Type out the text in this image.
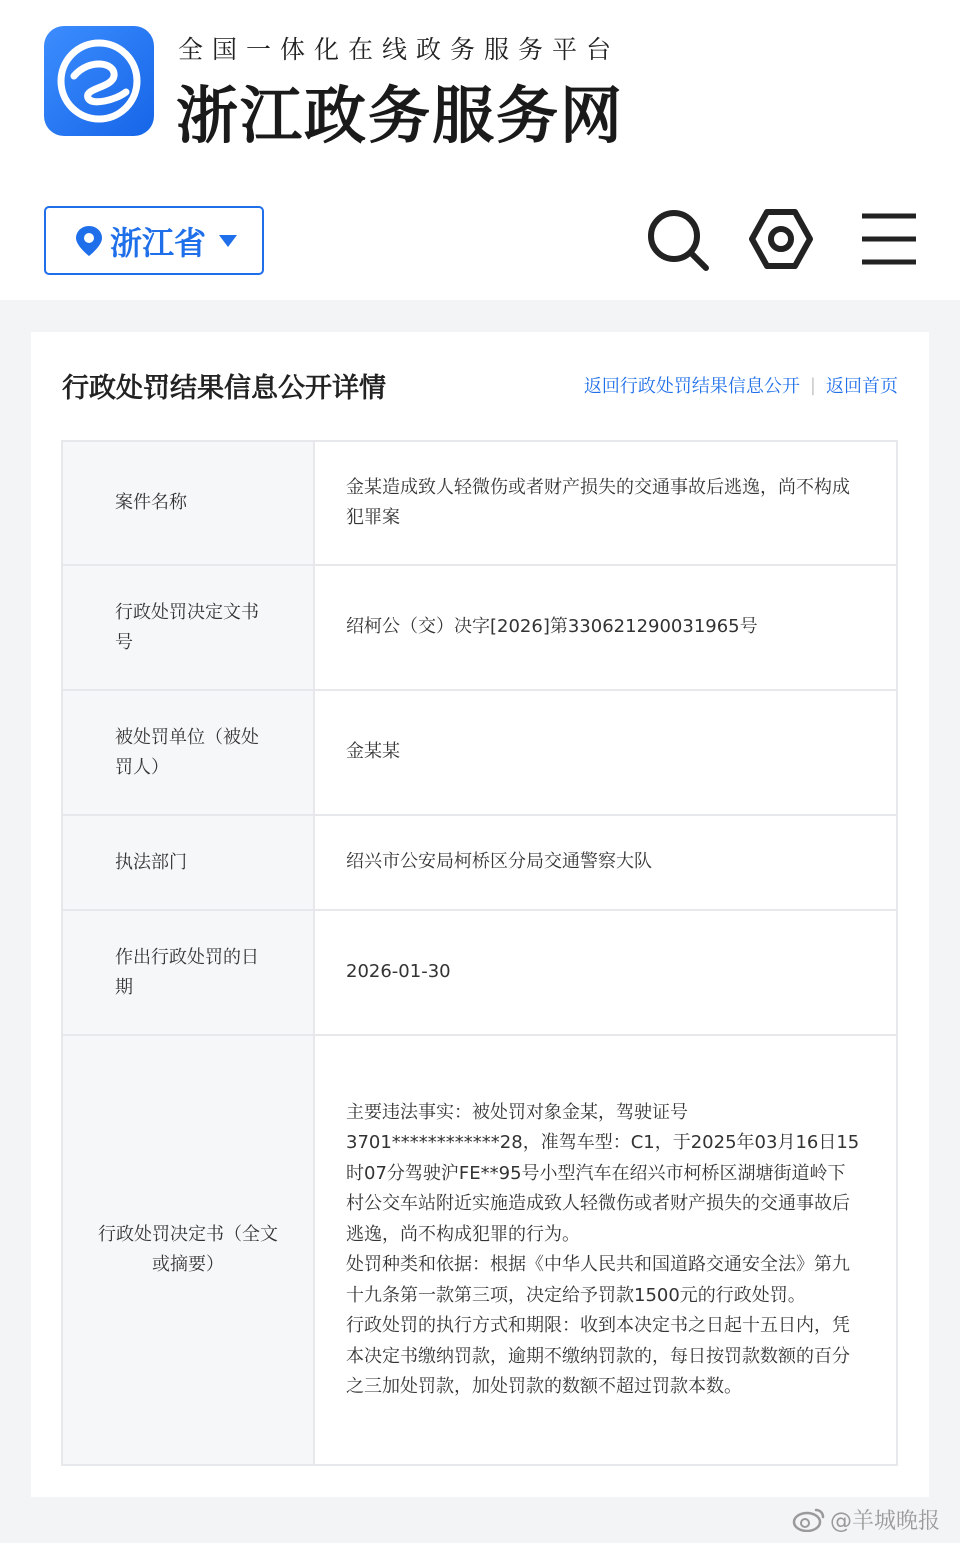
全国一体化在线政务服务平台
浙江政务服务网
浙江省
行政处罚结果信息公开详情	返回行政处罚结果信息公开 | 返回首页
案件名称
金某造成致人轻微伤或者财产损失的交通事故后逃逸，尚不构成犯罪案
行政处罚决定文书号
绍柯公（交）决字[2026]第330621290031965号
被处罚单位（被处罚人）
金某某
执法部门	绍兴市公安局柯桥区分局交通警察大队
作出行政处罚的日期
2026-01-30
行政处罚决定书（全文或摘要）
主要违法事实：被处罚对象金某，驾驶证号3701************28，准驾车型：C1，于2025年03月16日15时07分驾驶沪FE**95号小型汽车在绍兴市柯桥区湖塘街道岭下村公交车站附近实施造成致人轻微伤或者财产损失的交通事故后逃逸，尚不构成犯罪的行为。
处罚种类和依据：根据《中华人民共和国道路交通安全法》第九十九条第一款第三项，决定给予罚款1500元的行政处罚。
行政处罚的执行方式和期限：收到本决定书之日起十五日内，凭本决定书缴纳罚款，逾期不缴纳罚款的，每日按罚款数额的百分之三加处罚款，加处罚款的数额不超过罚款本数。
@羊城晚报
